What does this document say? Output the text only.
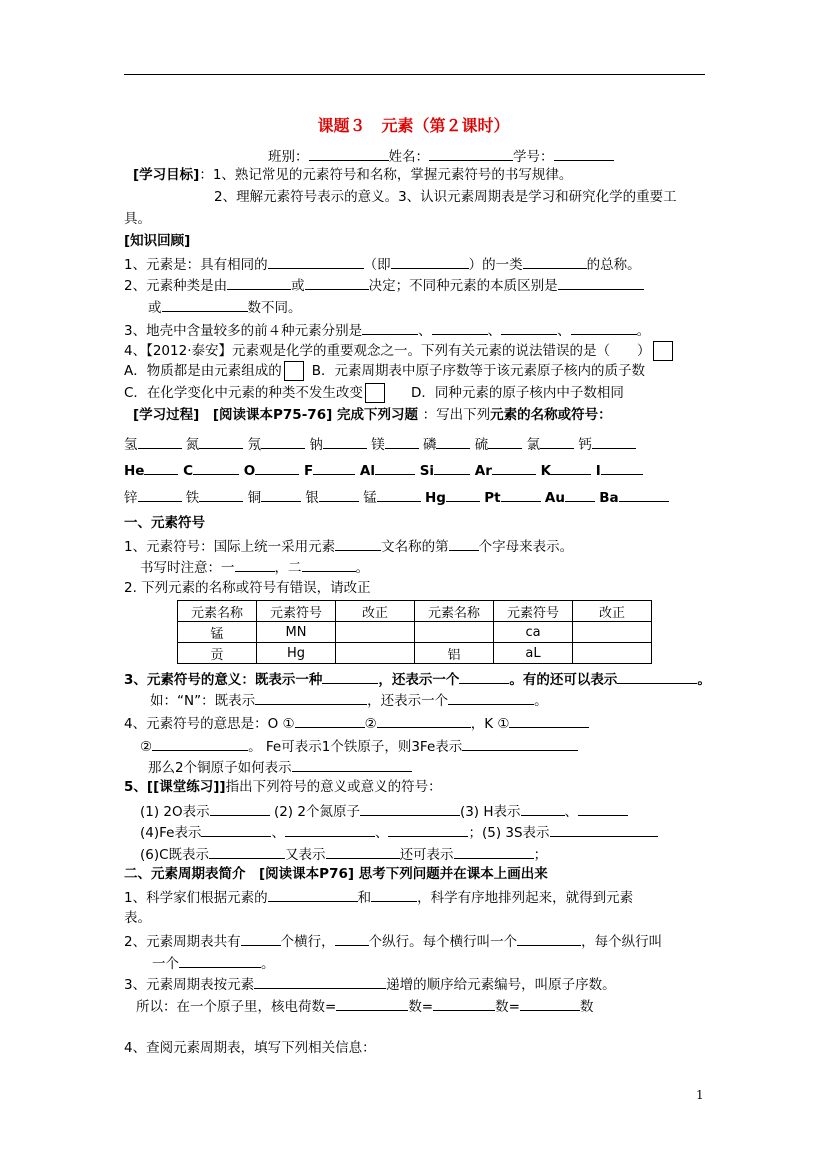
课题３　元素（第２课时）
班别：	姓名：	学号：
[学习目标]：1、熟记常见的元素符号和名称，掌握元素符号的书写规律。
2、理解元素符号表示的意义。3、认识元素周期表是学习和研究化学的重要工
具。
[知识回顾]
1、元素是：具有相同的	（即	）的一类	的总称。
2、元素种类是由	或	决定；不同种元素的本质区别是
或	数不同。
3、地壳中含量较多的前４种元素分别是	、	、	、	。
4、【2012·泰安】元素观是化学的重要观念之一。下列有关元素的说法错误的是（　　）
A．物质都是由元素组成的 B．元素周期表中原子序数等于该元素原子核内的质子数
C．在化学变化中元素的种类不发生改变	D．同种元素的原子核内中子数相同
[学习过程]　 [阅读课本P75-76] 完成下列习题 ：写出下列元素的名称或符号：
氢	氮	氖	钠	镁	磷	硫	氯	钙
He	C	O	F	Al	Si	Ar	K	I
锌	铁	铜	银	锰	Hg	Pt	Au	Ba
一、元素符号
1、元素符号：国际上统一采用元素	文名称的第 个字母来表示。
书写时注意：一	，二	。
2. 下列元素的名称或符号有错误，请改正
元素名称	元素符号	改正	元素名称	元素符号	改正
锰	MN			ca	
贡	Hg		铝	aL	
3、元素符号的意义：既表示一种	，还表示一个	。有的还可以表示	。
如：“N”：既表示	，还表示一个	。
4、元素符号的意思是：O ①	②	，K ①
②	。 Fe可表示1个铁原子，则3Fe表示
那么2个铜原子如何表示
5、[[课堂练习]]指出下列符号的意义或意义的符号：
(1) 2O表示	(2) 2个氮原子	(3) H表示	、
(4)Fe表示	、	、	；(5) 3S表示
(6)C既表示	又表示	还可表示	；
二、元素周期表简介　 [阅读课本P76] 思考下列问题并在课本上画出来
1、科学家们根据元素的	和	，科学有序地排列起来，就得到元素
表。
2、元素周期表共有	个横行，	个纵行。每个横行叫一个	，每个纵行叫
一个	。
3、元素周期表按元素	递增的顺序给元素编号，叫原子序数。
所以：在一个原子里，核电荷数=	数=	数=	数
4、查阅元素周期表，填写下列相关信息：
1
